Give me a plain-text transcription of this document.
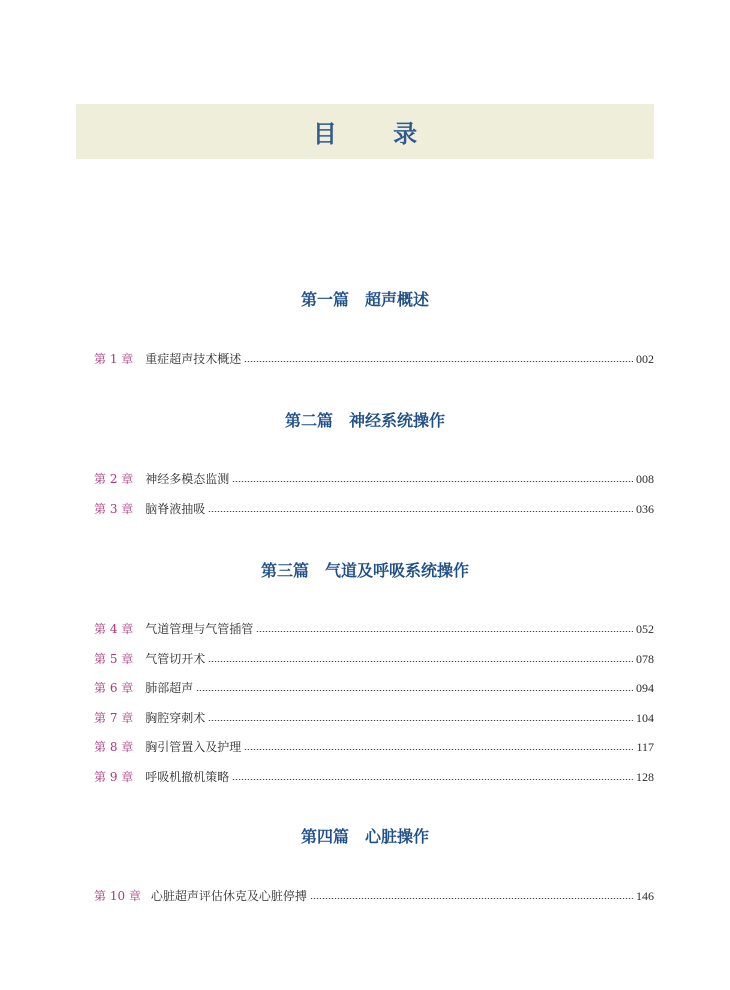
目 录
第一篇　超声概述
第 1 章 重症超声技术概述	002
第二篇　神经系统操作
第 2 章 神经多模态监测	008
第 3 章 脑脊液抽吸	036
第三篇　气道及呼吸系统操作
第 4 章 气道管理与气管插管	052
第 5 章 气管切开术	078
第 6 章 肺部超声	094
第 7 章 胸腔穿刺术	104
第 8 章 胸引管置入及护理	117
第 9 章 呼吸机撤机策略	128
第四篇　心脏操作
第 10 章 心脏超声评估休克及心脏停搏	146
